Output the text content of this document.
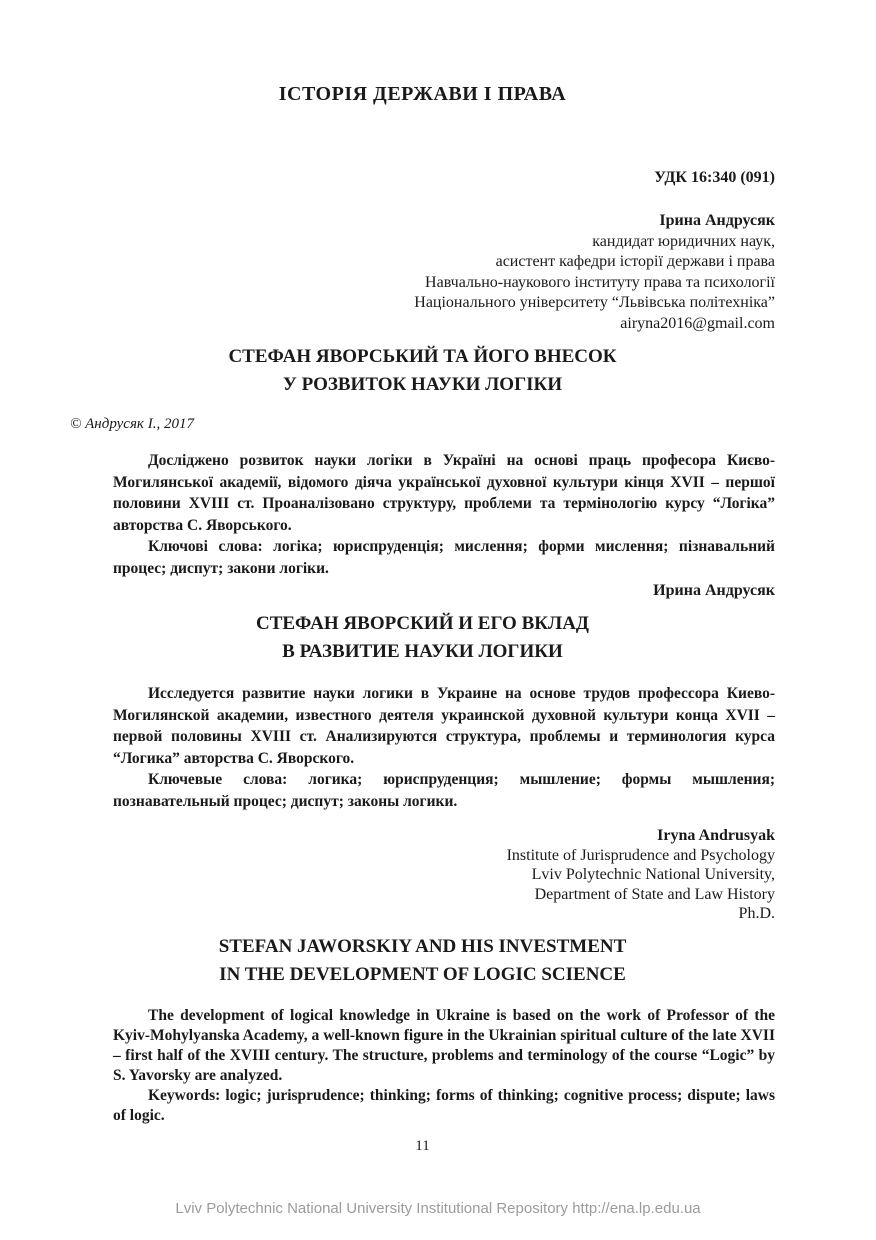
ІСТОРІЯ ДЕРЖАВИ І ПРАВА
УДК 16:340 (091)
Ірина Андрусяк
кандидат юридичних наук,
асистент кафедри історії держави і права
Навчально-наукового інституту права та психології
Національного університету “Львівська політехніка”
airyna2016@gmail.com
СТЕФАН ЯВОРСЬКИЙ ТА ЙОГО ВНЕСОК
У РОЗВИТОК НАУКИ ЛОГІКИ
© Андрусяк І., 2017

Досліджено розвиток науки логіки в Україні на основі праць професора Києво-Могилянської академії, відомого діяча української духовної культури кінця XVII – першої половини XVIII ст. Проаналізовано структуру, проблеми та термінологію курсу “Логіка” авторства С. Яворського.

Ключові слова: логіка; юриспруденція; мислення; форми мислення; пізнавальний процес; диспут; закони логіки.

Ирина Андрусяк
СТЕФАН ЯВОРСКИЙ И ЕГО ВКЛАД
В РАЗВИТИЕ НАУКИ ЛОГИКИ

Исследуется развитие науки логики в Украине на основе трудов профессора Киево-Могилянской академии, известного деятеля украинской духовной культури конца XVII – первой половины XVIII ст. Анализируются структура, проблемы и терминология курса “Логика” авторства С. Яворского.

Ключевые слова: логика; юриспруденция; мышление; формы мышления; познавательный процес; диспут; законы логики.

Iryna Andrusyak
Institute of Jurisprudence and Psychology
Lviv Polytechnic National University,
Department of State and Law History
Ph.D.
STEFAN JAWORSKIY AND HIS INVESTMENT
IN THE DEVELOPMENT OF LOGIC SCIENCE

The development of logical knowledge in Ukraine is based on the work of Professor of the Kyiv-Mohylyanska Academy, a well-known figure in the Ukrainian spiritual culture of the late XVII – first half of the XVIII century. The structure, problems and terminology of the course “Logic” by S. Yavorsky are analyzed.

Keywords: logic; jurisprudence; thinking; forms of thinking; cognitive process; dispute; laws of logic.

11
Lviv Polytechnic National University Institutional Repository http://ena.lp.edu.ua
